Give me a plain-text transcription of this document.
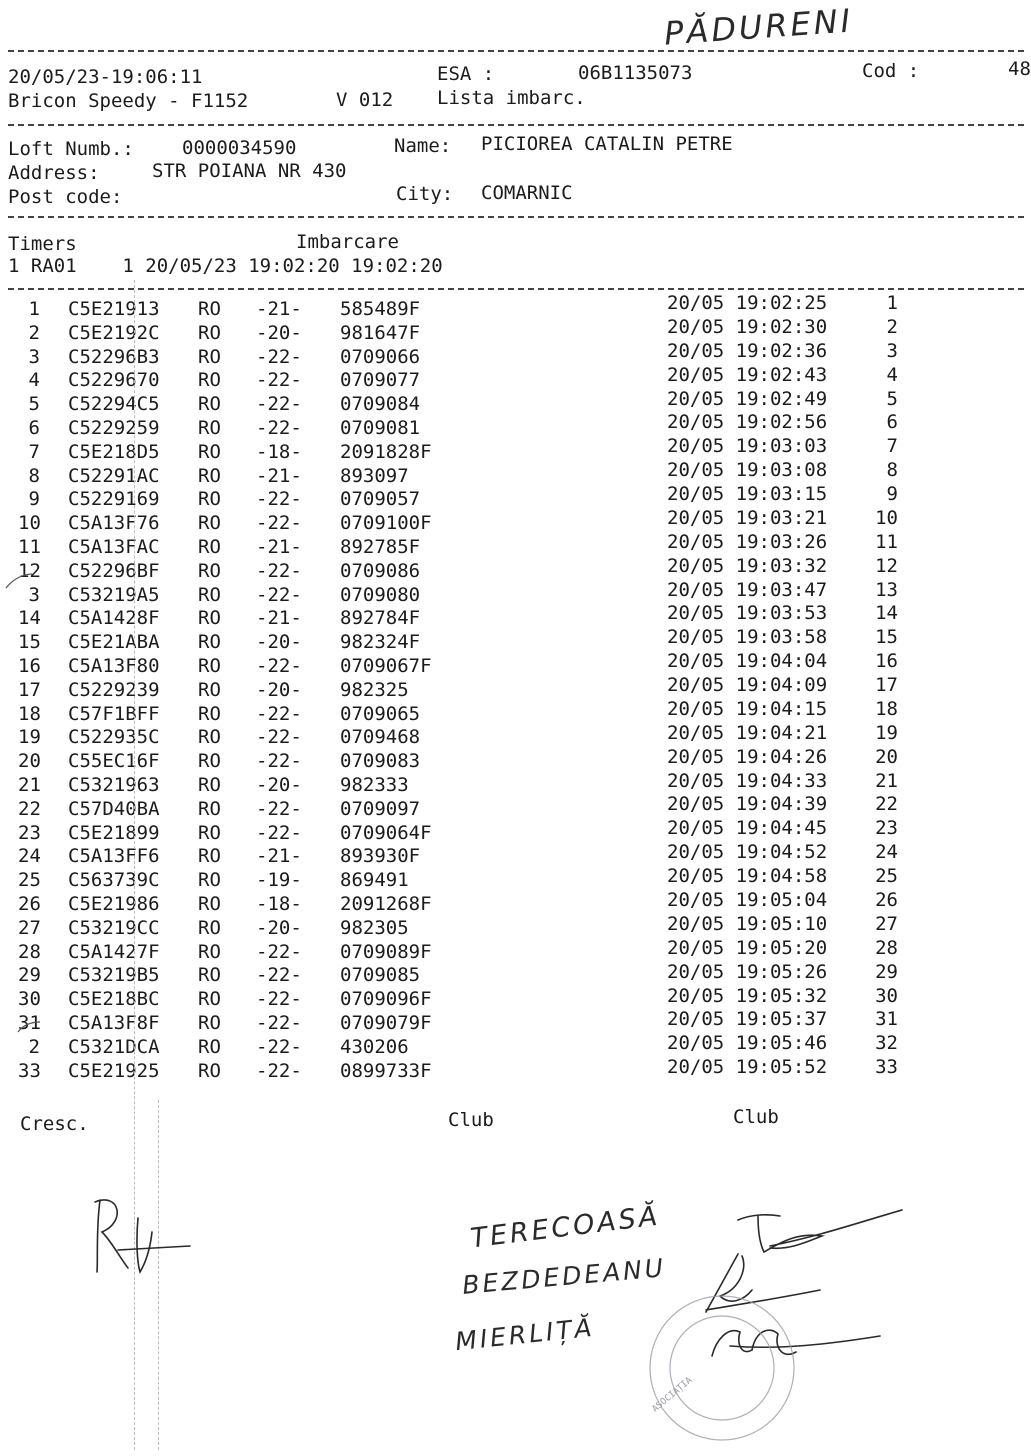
PĂDURENI
20/05/23-19:06:11	ESA :	06B1135073	Cod :	48
Bricon Speedy - F1152	V 012 Lista imbarc.
Loft Numb.:	0000034590	Name: PICIOREA CATALIN PETRE
Address:	STR POIANA NR 430
Post code:	City: COMARNIC
Timers	Imbarcare
1 RA01    1 20/05/23 19:02:20 19:02:20
1 C5E21913 RO -21- 585489F	20/05 19:02:25	1
2 C5E2192C RO -20- 981647F	20/05 19:02:30	2
3 C52296B3 RO -22- 0709066	20/05 19:02:36	3
4 C5229670 RO -22- 0709077	20/05 19:02:43	4
5 C52294C5 RO -22- 0709084	20/05 19:02:49	5
6 C5229259 RO -22- 0709081	20/05 19:02:56	6
7 C5E218D5 RO -18- 2091828F	20/05 19:03:03	7
8 C52291AC RO -21- 893097	20/05 19:03:08	8
9 C5229169 RO -22- 0709057	20/05 19:03:15	9
10 C5A13F76 RO -22- 0709100F	20/05 19:03:21	10
11 C5A13FAC RO -21- 892785F	20/05 19:03:26	11
12 C52296BF RO -22- 0709086	20/05 19:03:32	12
3 C53219A5 RO -22- 0709080	20/05 19:03:47	13
14 C5A1428F RO -21- 892784F	20/05 19:03:53	14
15 C5E21ABA RO -20- 982324F	20/05 19:03:58	15
16 C5A13F80 RO -22- 0709067F	20/05 19:04:04	16
17 C5229239 RO -20- 982325	20/05 19:04:09	17
18 C57F1BFF RO -22- 0709065	20/05 19:04:15	18
19 C522935C RO -22- 0709468	20/05 19:04:21	19
20 C55EC16F RO -22- 0709083	20/05 19:04:26	20
21 C5321963 RO -20- 982333	20/05 19:04:33	21
22 C57D40BA RO -22- 0709097	20/05 19:04:39	22
23 C5E21899 RO -22- 0709064F	20/05 19:04:45	23
24 C5A13FF6 RO -21- 893930F	20/05 19:04:52	24
25 C563739C RO -19- 869491	20/05 19:04:58	25
26 C5E21986 RO -18- 2091268F	20/05 19:05:04	26
27 C53219CC RO -20- 982305	20/05 19:05:10	27
28 C5A1427F RO -22- 0709089F	20/05 19:05:20	28
29 C53219B5 RO -22- 0709085	20/05 19:05:26	29
30 C5E218BC RO -22- 0709096F	20/05 19:05:32	30
31 C5A13F8F RO -22- 0709079F	20/05 19:05:37	31
2 C5321DCA RO -22- 430206	20/05 19:05:46	32
33 C5E21925 RO -22- 0899733F	20/05 19:05:52	33
Cresc.	Club	Club
TERECOASĂ
BEZDEDEANU
MIERLIȚĂ
ASOCIAȚIA
